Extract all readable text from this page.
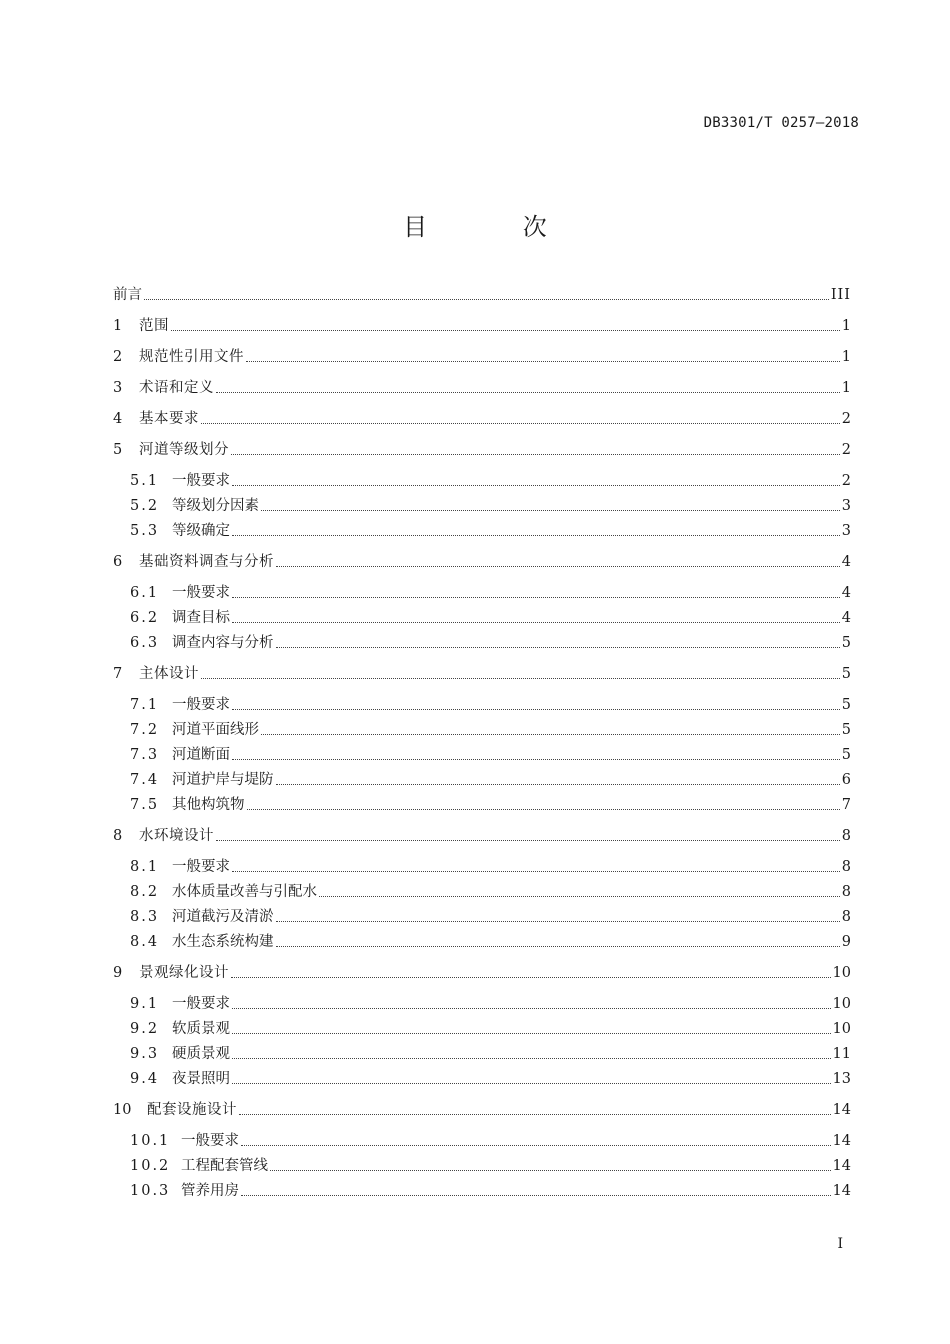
DB3301/T 0257—2018
目 次
前言	III
1	范围	1
2	规范性引用文件	1
3	术语和定义	1
4	基本要求	2
5	河道等级划分	2
5.1 一般要求	2
5.2 等级划分因素	3
5.3 等级确定	3
6	基础资料调查与分析	4
6.1 一般要求	4
6.2 调查目标	4
6.3 调查内容与分析	5
7	主体设计	5
7.1 一般要求	5
7.2 河道平面线形	5
7.3 河道断面	5
7.4 河道护岸与堤防	6
7.5 其他构筑物	7
8	水环境设计	8
8.1 一般要求	8
8.2 水体质量改善与引配水	8
8.3 河道截污及清淤	8
8.4 水生态系统构建	9
9	景观绿化设计	10
9.1 一般要求	10
9.2 软质景观	10
9.3 硬质景观	11
9.4 夜景照明	13
10	配套设施设计	14
10.1 一般要求	14
10.2 工程配套管线	14
10.3 管养用房	14
I
